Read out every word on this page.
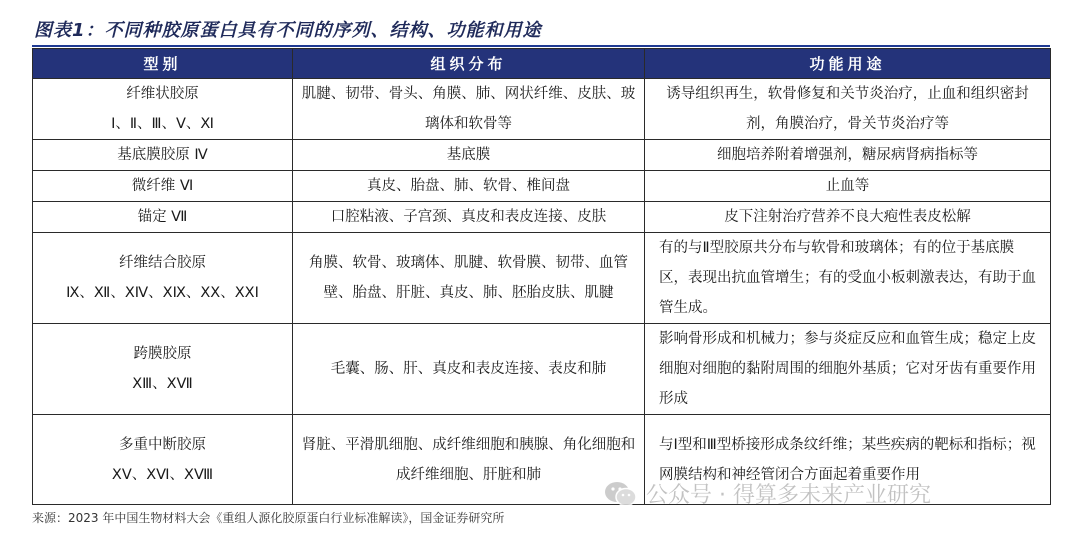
图表1：不同种胶原蛋白具有不同的序列、结构、功能和用途
型别	组织分布	功能用途

纤维状胶原
Ⅰ、Ⅱ、Ⅲ、Ⅴ、Ⅺ	肌腱、韧带、骨头、角膜、肺、网状纤维、皮肤、玻璃体和软骨等	诱导组织再生，软骨修复和关节炎治疗，止血和组织密封剂，角膜治疗，骨关节炎治疗等
基底膜胶原 Ⅳ	基底膜	细胞培养附着增强剂，糖尿病肾病指标等
微纤维 Ⅵ	真皮、胎盘、肺、软骨、椎间盘	止血等
锚定 Ⅶ	口腔粘液、子宫颈、真皮和表皮连接、皮肤	皮下注射治疗营养不良大疱性表皮松解

纤维结合胶原
Ⅸ、Ⅻ、XⅣ、XⅨ、XX、XXI	角膜、软骨、玻璃体、肌腱、软骨膜、韧带、血管壁、胎盘、肝脏、真皮、肺、胚胎皮肤、肌腱	有的与Ⅱ型胶原共分布与软骨和玻璃体；有的位于基底膜区，表现出抗血管增生；有的受血小板刺激表达，有助于血管生成。

跨膜胶原
XⅢ、XⅦ	毛囊、肠、肝、真皮和表皮连接、表皮和肺	影响骨形成和机械力；参与炎症反应和血管生成；稳定上皮细胞对细胞的黏附周围的细胞外基质；它对牙齿有重要作用形成

多重中断胶原
XⅤ、XⅥ、XⅧ	肾脏、平滑肌细胞、成纤维细胞和胰腺、角化细胞和成纤维细胞、肝脏和肺	与Ⅰ型和Ⅲ型桥接形成条纹纤维；某些疾病的靶标和指标；视网膜结构和神经管闭合方面起着重要作用
公众号 · 得算多未来产业研究
来源：2023 年中国生物材料大会《重组人源化胶原蛋白行业标准解读》，国金证券研究所
